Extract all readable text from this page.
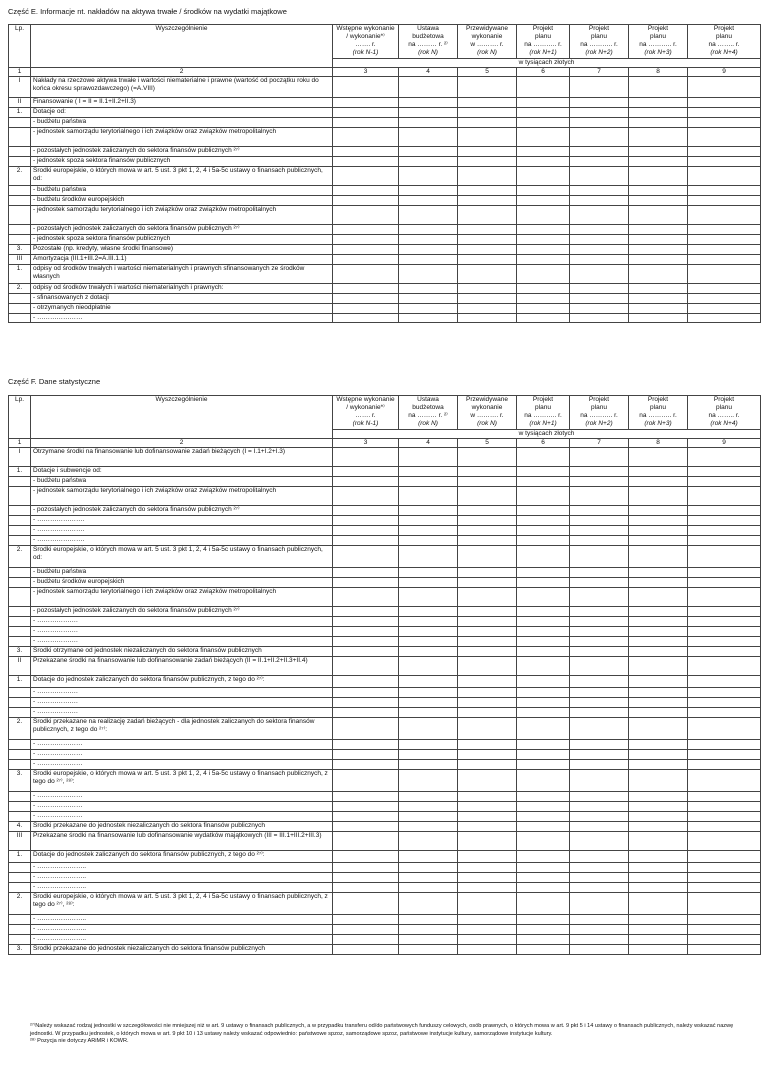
Część E. Informacje nt. nakładów na aktywa trwałe / środków na wydatki majątkowe
Lp.	Wyszczególnienie	Wstępne wykonanie
/ wykonanie*⁾
……. r.
(rok N-1)	Ustawa
budżetowa
na ……… r. ²⁾
(rok N)	Przewidywane
wykonanie
w ………. r.
(rok N)	Projekt
planu
na ……….. r.
(rok N+1)	Projekt
planu
na ……….. r.
(rok N+2)	Projekt
planu
na ……….. r.
(rok N+3)	Projekt
planu
na …….. r.
(rok N+4)
		w tysiącach złotych						
1	2	3	4	5	6	7	8	9
I	Nakłady na rzeczowe aktywa trwałe i wartości niematerialne i prawne (wartość od początku roku do końca okresu sprawozdawczego) (=A.VIII)							
II	Finansowanie ( I = II = II.1+II.2+II.3)							
1.	Dotacje od:							
	- budżetu państwa							
	- jednostek samorządu terytorialnego i ich związków oraz związków metropolitalnych							
	- pozostałych jednostek zaliczanych do sektora finansów publicznych ²⁷⁾							
	- jednostek spoza sektora finansów publicznych							
2.	Środki europejskie, o których mowa w art. 5 ust. 3 pkt 1, 2, 4 i 5a-5c ustawy o finansach publicznych, od:							
	- budżetu państwa							
	- budżetu środków europejskich							
	- jednostek samorządu terytorialnego i ich związków oraz związków metropolitalnych							
	- pozostałych jednostek zaliczanych do sektora finansów publicznych ²⁷⁾							
	- jednostek spoza sektora finansów publicznych							
3.	Pozostałe (np. kredyty, własne środki finansowe)							
III	Amortyzacja (III.1+III.2=A.III.1.1)							
1.	odpisy od środków trwałych i wartości niematerialnych i prawnych sfinansowanych ze środków własnych							
2.	odpisy od środków trwałych i wartości niematerialnych i prawnych:							
	- sfinansowanych z dotacji							
	- otrzymanych nieodpłatnie							
	- …………………							
Część F. Dane statystyczne
Lp.	Wyszczególnienie	Wstępne wykonanie
/ wykonanie*⁾
……. r.
(rok N-1)	Ustawa
budżetowa
na ……… r. ²⁾
(rok N)	Przewidywane
wykonanie
w ………. r.
(rok N)	Projekt
planu
na ……….. r.
(rok N+1)	Projekt
planu
na ……….. r.
(rok N+2)	Projekt
planu
na ……….. r.
(rok N+3)	Projekt
planu
na …….. r.
(rok N+4)
		w tysiącach złotych						
1	2	3	4	5	6	7	8	9
I	Otrzymane środki na finansowanie lub dofinansowanie zadań bieżących (I = I.1+I.2+I.3)							
1.	Dotacje i subwencje od:							
	- budżetu państwa							
	- jednostek samorządu terytorialnego i ich związków oraz związków metropolitalnych							
	- pozostałych jednostek zaliczanych do sektora finansów publicznych ²⁷⁾							
	- ………………….							
	- ………………….							
	- ………………….							
2.	Środki europejskie, o których mowa w art. 5 ust. 3 pkt 1, 2, 4 i 5a-5c ustawy o finansach publicznych, od:							
	- budżetu państwa							
	- budżetu środków europejskich							
	- jednostek samorządu terytorialnego i ich związków oraz związków metropolitalnych							
	- pozostałych jednostek zaliczanych do sektora finansów publicznych ²⁷⁾							
	- ……………….							
	- ……………….							
	- ……………….							
3.	Środki otrzymane od jednostek niezaliczanych do sektora finansów publicznych							
II	Przekazane środki na finansowanie lub dofinansowanie zadań bieżących (II = II.1+II.2+II.3+II.4)							
1.	Dotacje do jednostek zaliczanych do sektora finansów publicznych, z tego do ²⁷⁾:							
	- ……………….							
	- ……………….							
	- ……………….							
2.	Środki przekazane na realizację zadań bieżących - dla jednostek zaliczanych do sektora finansów publicznych, z tego do ²⁷⁾:							
	- …………………							
	- …………………							
	- …………………							
3.	Środki europejskie, o których mowa w art. 5 ust. 3 pkt 1, 2, 4 i 5a-5c ustawy o finansach publicznych, z tego do ²⁷⁾, ²⁸⁾:							
	- …………………							
	- …………………							
	- …………………							
4.	Środki przekazane do jednostek niezaliczanych do sektora finansów publicznych							
III	Przekazane środki na finansowanie lub dofinansowanie wydatków majątkowych (III = III.1+III.2+III.3)							
1.	Dotacje do jednostek zaliczanych do sektora finansów publicznych, z tego do ²⁷⁾:							
	- …………………..							
	- …………………..							
	- …………………..							
2.	Środki europejskie, o których mowa w art. 5 ust. 3 pkt 1, 2, 4 i 5a-5c ustawy o finansach publicznych, z tego do ²⁷⁾, ²⁸⁾:							
	- …………………..							
	- …………………..							
	- …………………..							
3.	Środki przekazane do jednostek niezaliczanych do sektora finansów publicznych							
²⁷⁾Należy wskazać rodzaj jednostki w szczegółowości nie mniejszej niż w art. 9 ustawy o finansach publicznych, a w przypadku transferu od/do państwowych funduszy celowych, osób prawnych, o których mowa w art. 9 pkt 5 i 14 ustawy o finansach publicznych, należy wskazać nazwę jednostki. W przypadku jednostek, o których mowa w art. 9 pkt 10 i 13 ustawy należy wskazać odpowiednio: państwowe spzoz, samorządowe spzoz, państwowe instytucje kultury, samorządowe instytucje kultury.
²⁸⁾ Pozycja nie dotyczy ARiMR i KOWR.
